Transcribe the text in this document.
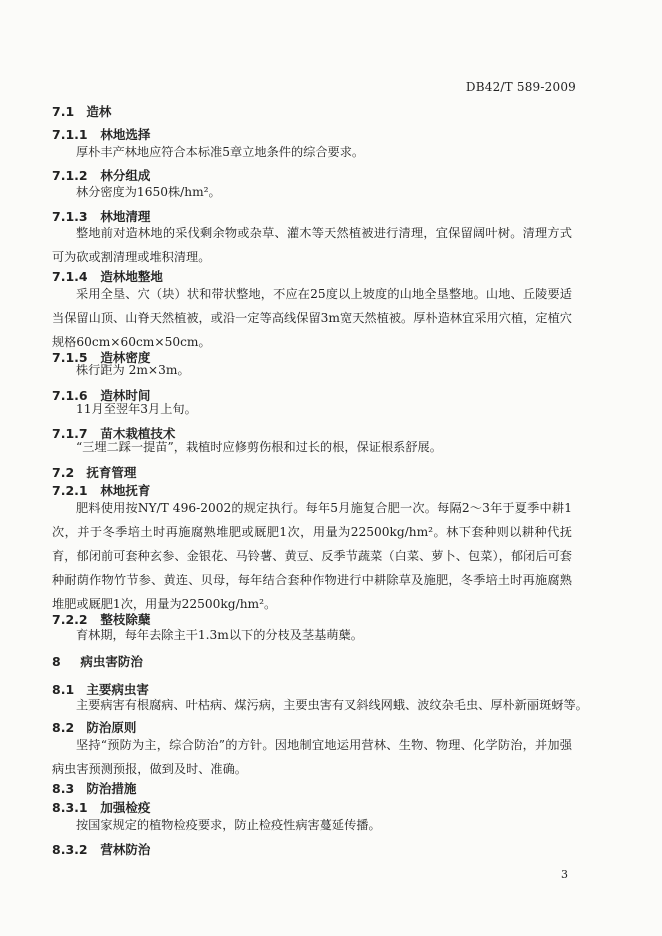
DB42/T 589-2009
7.1 造林
7.1.1 林地选择
厚朴丰产林地应符合本标准5章立地条件的综合要求。
7.1.2 林分组成
林分密度为1650株/hm²。
7.1.3 林地清理
整地前对造林地的采伐剩余物或杂草、灌木等天然植被进行清理，宜保留阔叶树。清理方式可为砍或割清理或堆积清理。
7.1.4 造林地整地
采用全垦、穴（块）状和带状整地，不应在25度以上坡度的山地全垦整地。山地、丘陵要适当保留山顶、山脊天然植被，或沿一定等高线保留3m宽天然植被。厚朴造林宜采用穴植，定植穴规格60cm×60cm×50cm。
7.1.5 造林密度
株行距为 2m×3m。
7.1.6 造林时间
11月至翌年3月上旬。
7.1.7 苗木栽植技术
“三埋二踩一提苗”，栽植时应修剪伤根和过长的根，保证根系舒展。
7.2 抚育管理
7.2.1 林地抚育
肥料使用按NY/T 496-2002的规定执行。每年5月施复合肥一次。每隔2～3年于夏季中耕1次，并于冬季培土时再施腐熟堆肥或厩肥1次，用量为22500kg/hm²。林下套种则以耕种代抚育，郁闭前可套种玄参、金银花、马铃薯、黄豆、反季节蔬菜（白菜、萝卜、包菜），郁闭后可套种耐荫作物竹节参、黄连、贝母，每年结合套种作物进行中耕除草及施肥，冬季培土时再施腐熟堆肥或厩肥1次，用量为22500kg/hm²。
7.2.2 整枝除蘖
育林期，每年去除主干1.3m以下的分枝及茎基萌蘖。
8 病虫害防治
8.1 主要病虫害
主要病害有根腐病、叶枯病、煤污病，主要虫害有叉斜线网蛾、波纹杂毛虫、厚朴新丽斑蚜等。
8.2 防治原则
坚持“预防为主，综合防治”的方针。因地制宜地运用营林、生物、物理、化学防治，并加强病虫害预测预报，做到及时、准确。
8.3 防治措施
8.3.1 加强检疫
按国家规定的植物检疫要求，防止检疫性病害蔓延传播。
8.3.2 营林防治
3
